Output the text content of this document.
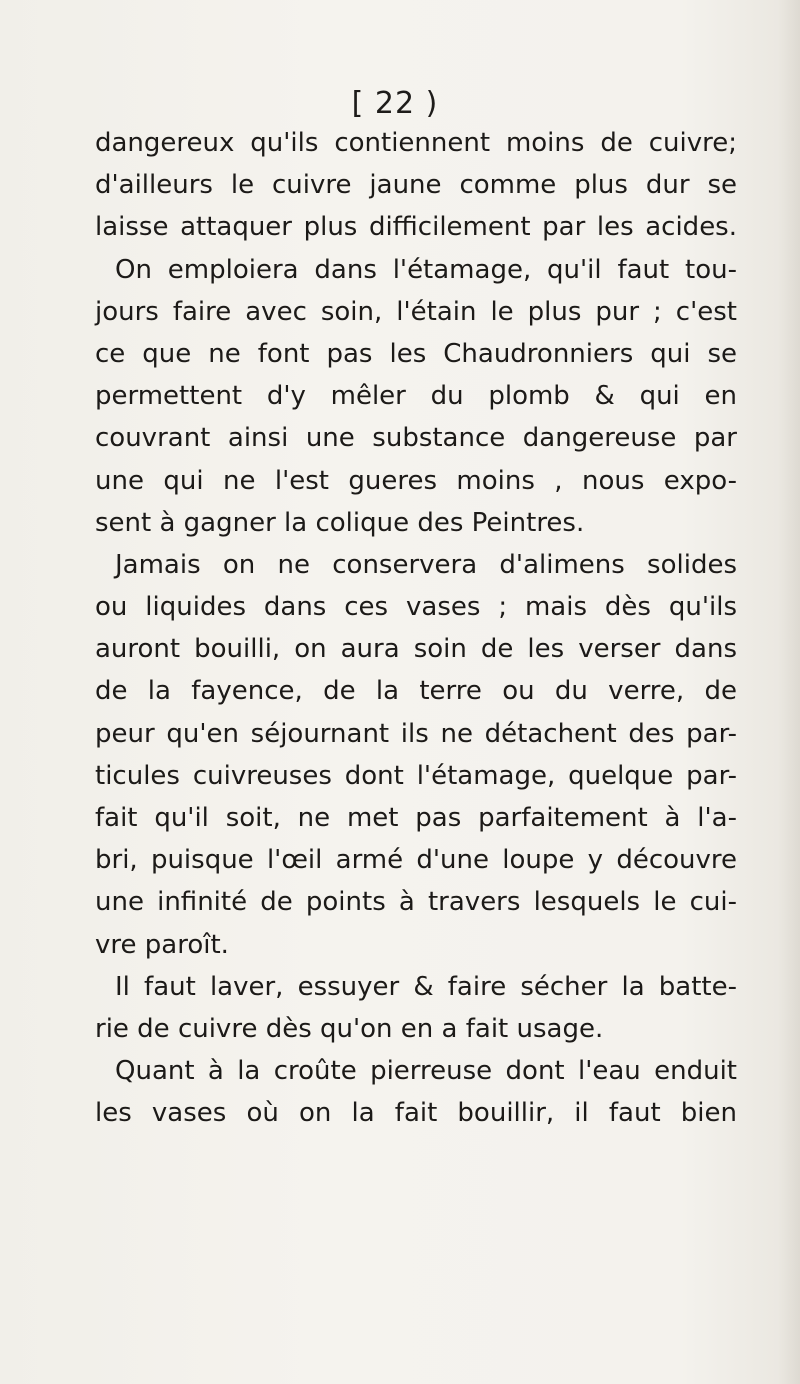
[ 22 )
dangereux qu'ils contiennent moins de cuivre;
d'ailleurs le cuivre jaune comme plus dur se
laisse attaquer plus difficilement par les acides.
On emploiera dans l'étamage, qu'il faut tou-
jours faire avec soin, l'étain le plus pur ; c'est
ce que ne font pas les Chaudronniers qui se
permettent d'y mêler du plomb & qui en
couvrant ainsi une substance dangereuse par
une qui ne l'est gueres moins , nous expo-
sent à gagner la colique des Peintres.
Jamais on ne conservera d'alimens solides
ou liquides dans ces vases ; mais dès qu'ils
auront bouilli, on aura soin de les verser dans
de la fayence, de la terre ou du verre, de
peur qu'en séjournant ils ne détachent des par-
ticules cuivreuses dont l'étamage, quelque par-
fait qu'il soit, ne met pas parfaitement à l'a-
bri, puisque l'œil armé d'une loupe y découvre
une infinité de points à travers lesquels le cui-
vre paroît.
Il faut laver, essuyer & faire sécher la batte-
rie de cuivre dès qu'on en a fait usage.
Quant à la croûte pierreuse dont l'eau enduit
les vases où on la fait bouillir, il faut bien
